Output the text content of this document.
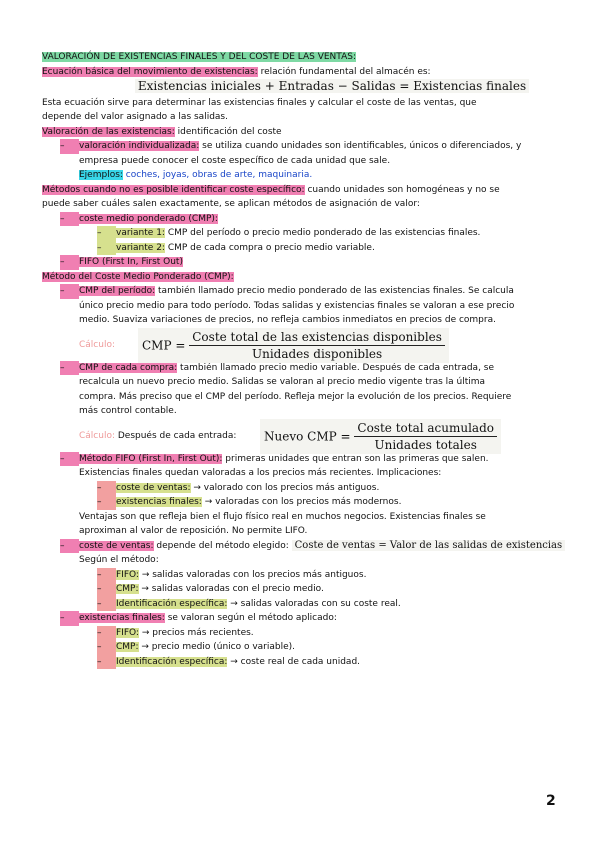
VALORACIÓN DE EXISTENCIAS FINALES Y DEL COSTE DE LAS VENTAS:
Ecuación básica del movimiento de existencias: relación fundamental del almacén es:
Existencias iniciales + Entradas − Salidas = Existencias finales
Esta ecuación sirve para determinar las existencias finales y calcular el coste de las ventas, que
depende del valor asignado a las salidas.
Valoración de las existencias: identificación del coste
– valoración individualizada: se utiliza cuando unidades son identificables, únicos o diferenciados, y
empresa puede conocer el coste específico de cada unidad que sale.
Ejemplos: coches, joyas, obras de arte, maquinaria.
Métodos cuando no es posible identificar coste específico: cuando unidades son homogéneas y no se
puede saber cuáles salen exactamente, se aplican métodos de asignación de valor:
– coste medio ponderado (CMP):
– variante 1: CMP del período o precio medio ponderado de las existencias finales.
– variante 2: CMP de cada compra o precio medio variable.
– FIFO (First In, First Out)
Método del Coste Medio Ponderado (CMP):
– CMP del período: también llamado precio medio ponderado de las existencias finales. Se calcula
único precio medio para todo período. Todas salidas y existencias finales se valoran a ese precio
medio. Suaviza variaciones de precios, no refleja cambios inmediatos en precios de compra.
Cálculo:	CMP = $\frac{\text{Coste total de las existencias disponibles}}{\text{Unidades disponibles}}$
– CMP de cada compra: también llamado precio medio variable. Después de cada entrada, se
recalcula un nuevo precio medio. Salidas se valoran al precio medio vigente tras la última
compra. Más preciso que el CMP del período. Refleja mejor la evolución de los precios. Requiere
más control contable.
Cálculo: Después de cada entrada:	Nuevo CMP = $\frac{\text{Coste total acumulado}}{\text{Unidades totales}}$
– Método FIFO (First In, First Out): primeras unidades que entran son las primeras que salen.
Existencias finales quedan valoradas a los precios más recientes. Implicaciones:
– coste de ventas: → valorado con los precios más antiguos.
– existencias finales: → valoradas con los precios más modernos.
Ventajas son que refleja bien el flujo físico real en muchos negocios. Existencias finales se
aproximan al valor de reposición. No permite LIFO.
– coste de ventas: depende del método elegido: Coste de ventas = Valor de las salidas de existencias
Según el método:
– FIFO: → salidas valoradas con los precios más antiguos.
– CMP: → salidas valoradas con el precio medio.
– Identificación específica: → salidas valoradas con su coste real.
– existencias finales: se valoran según el método aplicado:
– FIFO: → precios más recientes.
– CMP: → precio medio (único o variable).
– Identificación específica: → coste real de cada unidad.
2
